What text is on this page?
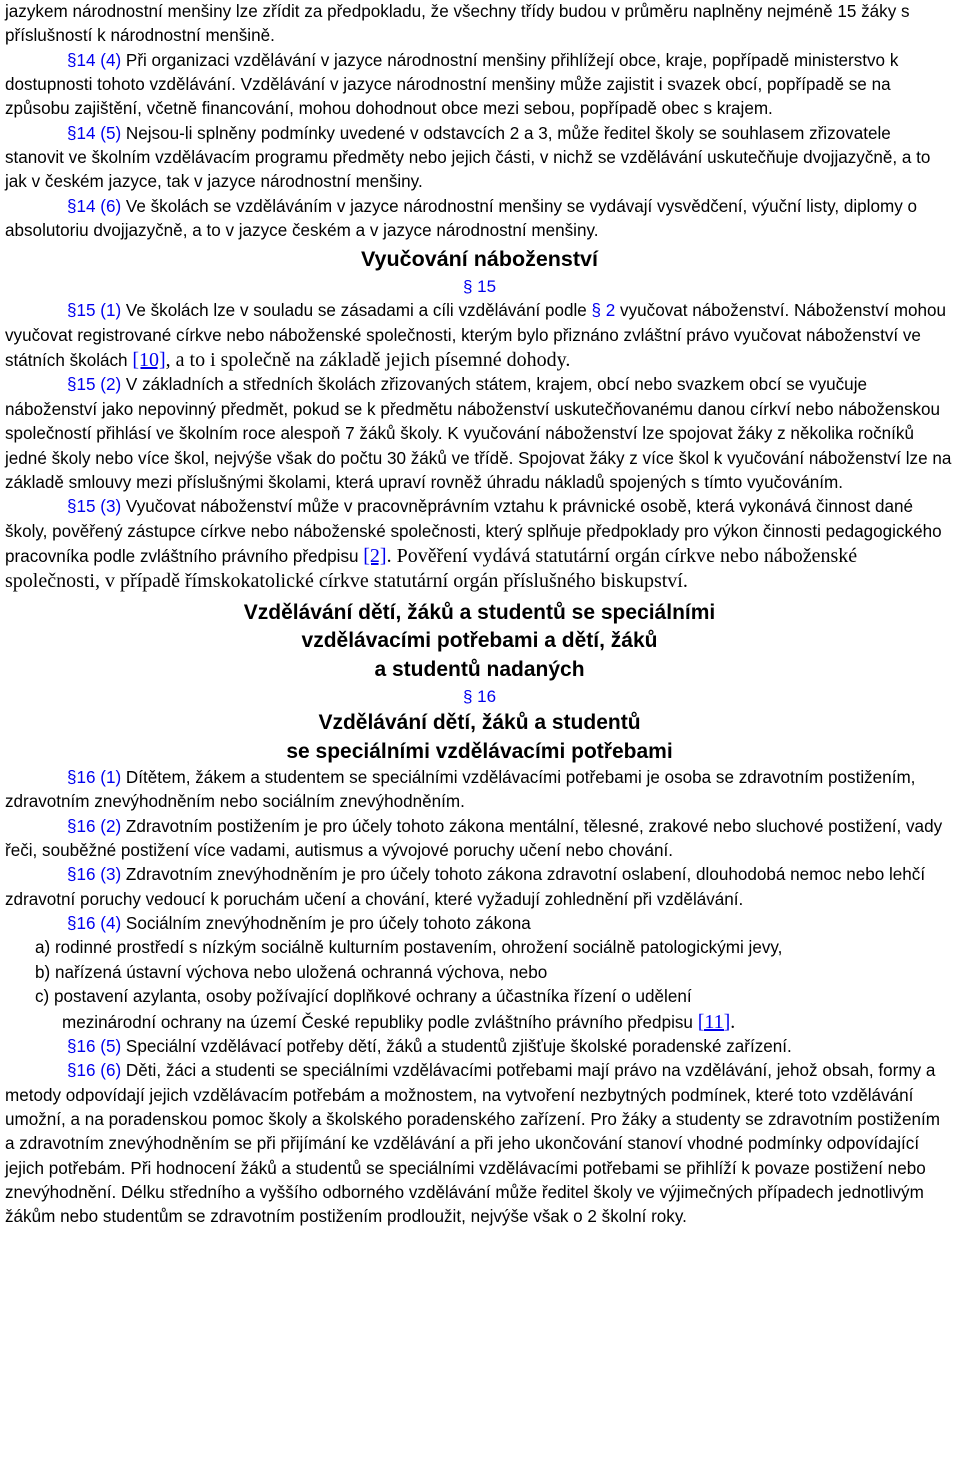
jazykem národnostní menšiny lze zřídit za předpokladu, že všechny třídy budou v průměru naplněny nejméně 15 žáky s příslušností k národnostní menšině.

§14 (4) Při organizaci vzdělávání v jazyce národnostní menšiny přihlížejí obce, kraje, popřípadě ministerstvo k dostupnosti tohoto vzdělávání. Vzdělávání v jazyce národnostní menšiny může zajistit i svazek obcí, popřípadě se na způsobu zajištění, včetně financování, mohou dohodnout obce mezi sebou, popřípadě obec s krajem.

§14 (5) Nejsou-li splněny podmínky uvedené v odstavcích 2 a 3, může ředitel školy se souhlasem zřizovatele stanovit ve školním vzdělávacím programu předměty nebo jejich části, v nichž se vzdělávání uskutečňuje dvojjazyčně, a to jak v českém jazyce, tak v jazyce národnostní menšiny.

§14 (6) Ve školách se vzděláváním v jazyce národnostní menšiny se vydávají vysvědčení, výuční listy, diplomy o absolutoriu dvojjazyčně, a to v jazyce českém a v jazyce národnostní menšiny.

Vyučování náboženství

§ 15

§15 (1) Ve školách lze v souladu se zásadami a cíli vzdělávání podle § 2 vyučovat náboženství. Náboženství mohou vyučovat registrované církve nebo náboženské společnosti, kterým bylo přiznáno zvláštní právo vyučovat náboženství ve státních školách [10], a to i společně na základě jejich písemné dohody.

§15 (2) V základních a středních školách zřizovaných státem, krajem, obcí nebo svazkem obcí se vyučuje náboženství jako nepovinný předmět, pokud se k předmětu náboženství uskutečňovanému danou církví nebo náboženskou společností přihlásí ve školním roce alespoň 7 žáků školy. K vyučování náboženství lze spojovat žáky z několika ročníků jedné školy nebo více škol, nejvýše však do počtu 30 žáků ve třídě. Spojovat žáky z více škol k vyučování náboženství lze na základě smlouvy mezi příslušnými školami, která upraví rovněž úhradu nákladů spojených s tímto vyučováním.

§15 (3) Vyučovat náboženství může v pracovněprávním vztahu k právnické osobě, která vykonává činnost dané školy, pověřený zástupce církve nebo náboženské společnosti, který splňuje předpoklady pro výkon činnosti pedagogického pracovníka podle zvláštního právního předpisu [2]. Pověření vydává statutární orgán církve nebo náboženské společnosti, v případě římskokatolické církve statutární orgán příslušného biskupství.

Vzdělávání dětí, žáků a studentů se speciálními
vzdělávacími potřebami a dětí, žáků
a studentů nadaných

§ 16

Vzdělávání dětí, žáků a studentů
se speciálními vzdělávacími potřebami

§16 (1) Dítětem, žákem a studentem se speciálními vzdělávacími potřebami je osoba se zdravotním postižením, zdravotním znevýhodněním nebo sociálním znevýhodněním.

§16 (2) Zdravotním postižením je pro účely tohoto zákona mentální, tělesné, zrakové nebo sluchové postižení, vady řeči, souběžné postižení více vadami, autismus a vývojové poruchy učení nebo chování.

§16 (3) Zdravotním znevýhodněním je pro účely tohoto zákona zdravotní oslabení, dlouhodobá nemoc nebo lehčí zdravotní poruchy vedoucí k poruchám učení a chování, které vyžadují zohlednění při vzdělávání.

§16 (4) Sociálním znevýhodněním je pro účely tohoto zákona

a) rodinné prostředí s nízkým sociálně kulturním postavením, ohrožení sociálně patologickými jevy,

b) nařízená ústavní výchova nebo uložená ochranná výchova, nebo

c) postavení azylanta, osoby požívající doplňkové ochrany a účastníka řízení o udělení

mezinárodní ochrany na území České republiky podle zvláštního právního předpisu [11].

§16 (5) Speciální vzdělávací potřeby dětí, žáků a studentů zjišťuje školské poradenské zařízení.

§16 (6) Děti, žáci a studenti se speciálními vzdělávacími potřebami mají právo na vzdělávání, jehož obsah, formy a metody odpovídají jejich vzdělávacím potřebám a možnostem, na vytvoření nezbytných podmínek, které toto vzdělávání umožní, a na poradenskou pomoc školy a školského poradenského zařízení. Pro žáky a studenty se zdravotním postižením a zdravotním znevýhodněním se při přijímání ke vzdělávání a při jeho ukončování stanoví vhodné podmínky odpovídající jejich potřebám. Při hodnocení žáků a studentů se speciálními vzdělávacími potřebami se přihlíží k povaze postižení nebo znevýhodnění. Délku středního a vyššího odborného vzdělávání může ředitel školy ve výjimečných případech jednotlivým žákům nebo studentům se zdravotním postižením prodloužit, nejvýše však o 2 školní roky.
